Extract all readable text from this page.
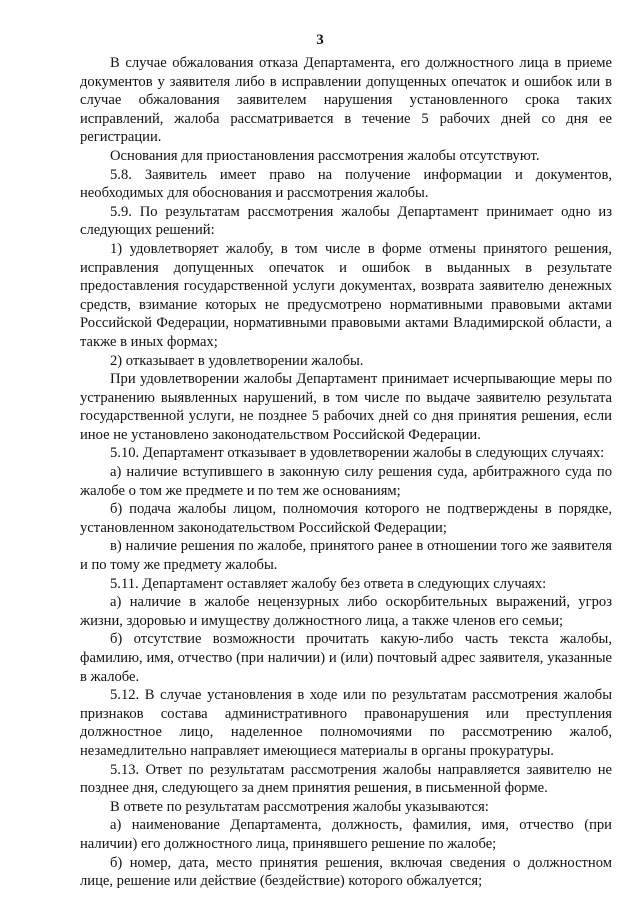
3

В случае обжалования отказа Департамента, его должностного лица в приеме документов у заявителя либо в исправлении допущенных опечаток и ошибок или в случае обжалования заявителем нарушения установленного срока таких исправлений, жалоба рассматривается в течение 5 рабочих дней со дня ее регистрации.

Основания для приостановления рассмотрения жалобы отсутствуют.

5.8. Заявитель имеет право на получение информации и документов, необходимых для обоснования и рассмотрения жалобы.

5.9. По результатам рассмотрения жалобы Департамент принимает одно из следующих решений:

1) удовлетворяет жалобу, в том числе в форме отмены принятого решения, исправления допущенных опечаток и ошибок в выданных в результате предоставления государственной услуги документах, возврата заявителю денежных средств, взимание которых не предусмотрено нормативными правовыми актами Российской Федерации, нормативными правовыми актами Владимирской области, а также в иных формах;

2) отказывает в удовлетворении жалобы.

При удовлетворении жалобы Департамент принимает исчерпывающие меры по устранению выявленных нарушений, в том числе по выдаче заявителю результата государственной услуги, не позднее 5 рабочих дней со дня принятия решения, если иное не установлено законодательством Российской Федерации.

5.10. Департамент отказывает в удовлетворении жалобы в следующих случаях:

а) наличие вступившего в законную силу решения суда, арбитражного суда по жалобе о том же предмете и по тем же основаниям;

б) подача жалобы лицом, полномочия которого не подтверждены в порядке, установленном законодательством Российской Федерации;

в) наличие решения по жалобе, принятого ранее в отношении того же заявителя и по тому же предмету жалобы.

5.11. Департамент оставляет жалобу без ответа в следующих случаях:

а) наличие в жалобе нецензурных либо оскорбительных выражений, угроз жизни, здоровью и имуществу должностного лица, а также членов его семьи;

б) отсутствие возможности прочитать какую-либо часть текста жалобы, фамилию, имя, отчество (при наличии) и (или) почтовый адрес заявителя, указанные в жалобе.

5.12. В случае установления в ходе или по результатам рассмотрения жалобы признаков состава административного правонарушения или преступления должностное лицо, наделенное полномочиями по рассмотрению жалоб, незамедлительно направляет имеющиеся материалы в органы прокуратуры.

5.13. Ответ по результатам рассмотрения жалобы направляется заявителю не позднее дня, следующего за днем принятия решения, в письменной форме.

В ответе по результатам рассмотрения жалобы указываются:

а) наименование Департамента, должность, фамилия, имя, отчество (при наличии) его должностного лица, принявшего решение по жалобе;

б) номер, дата, место принятия решения, включая сведения о должностном лице, решение или действие (бездействие) которого обжалуется;
